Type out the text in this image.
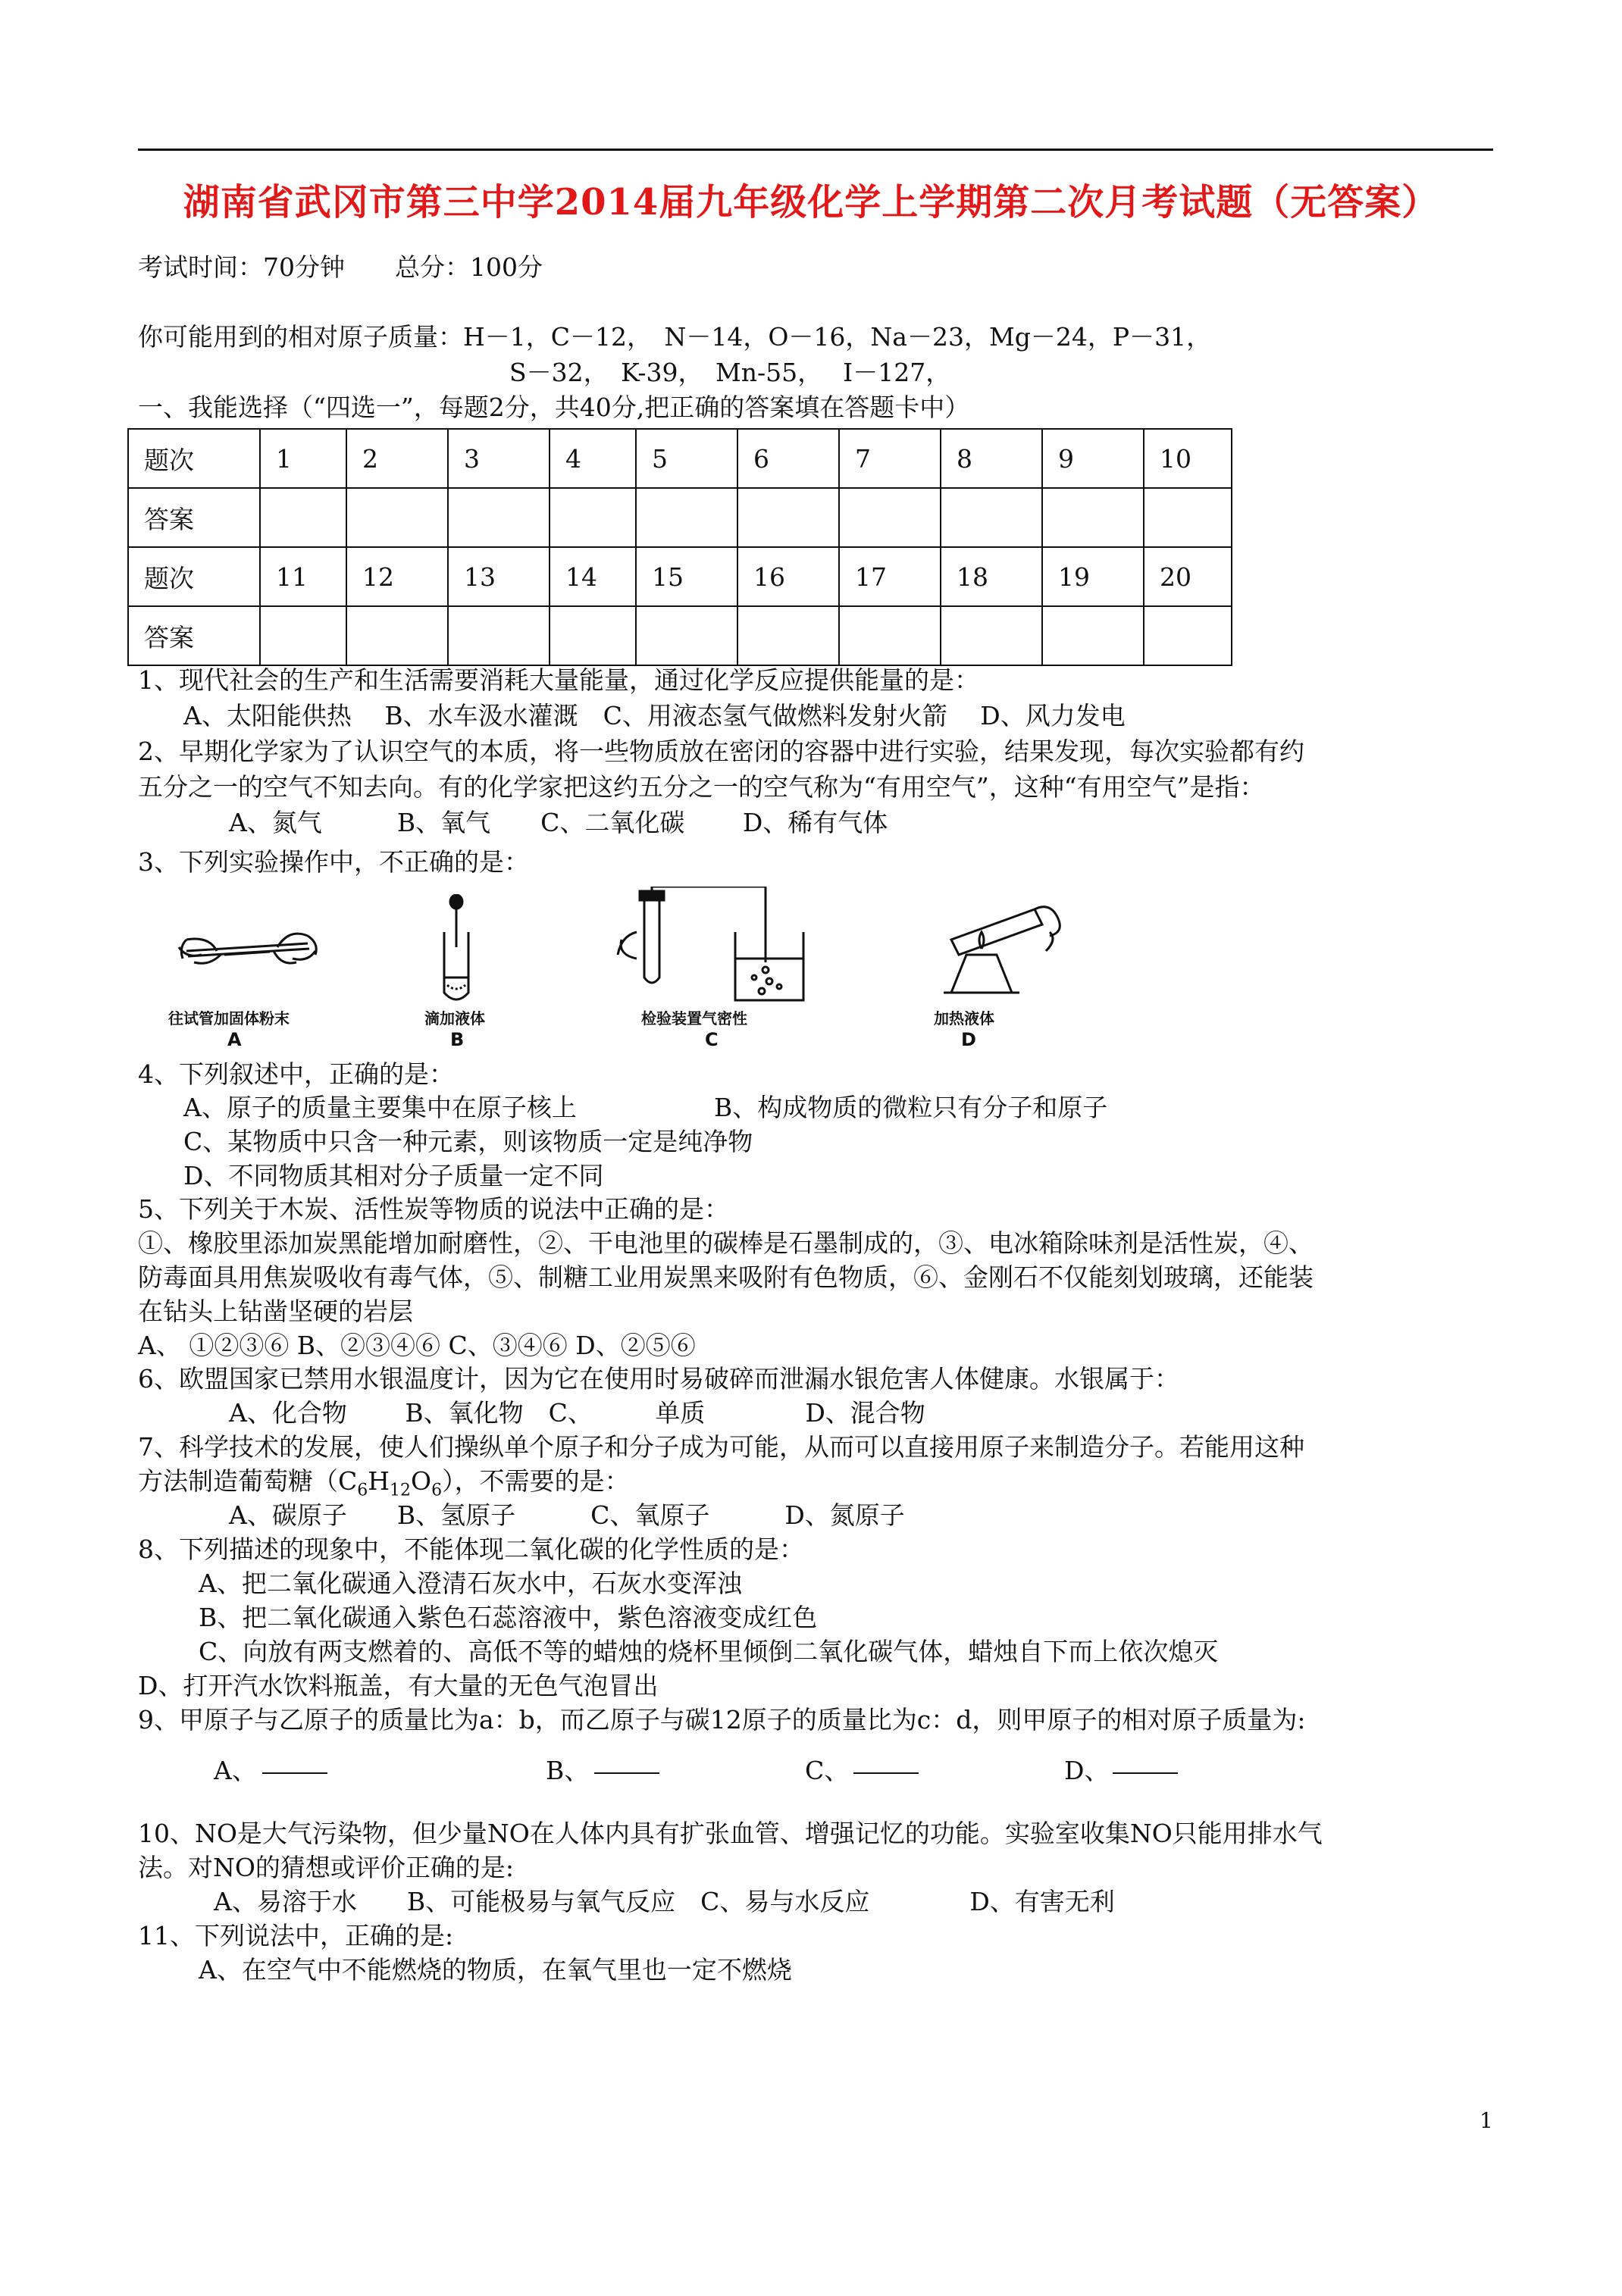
湖南省武冈市第三中学2014届九年级化学上学期第二次月考试题（无答案）
考试时间：70分钟　　总分：100分
你可能用到的相对原子质量：H－1，C－12，　N－14，O－16，Na－23，Mg－24，P－31，
S－32，　K-39，　Mn-55，　 I－127，
一、我能选择（“四选一”，每题2分，共40分,把正确的答案填在答题卡中）
题次	1	2	3	4	5	6	7	8	9	10
答案										
题次	11	12	13	14	15	16	17	18	19	20
答案										
1、现代社会的生产和生活需要消耗大量能量，通过化学反应提供能量的是：
A、太阳能供热　 B、水车汲水灌溉　C、用液态氢气做燃料发射火箭　 D、风力发电
2、早期化学家为了认识空气的本质，将一些物质放在密闭的容器中进行实验，结果发现，每次实验都有约
五分之一的空气不知去向。有的化学家把这约五分之一的空气称为“有用空气”，这种“有用空气”是指：
A、氮气　　　B、氧气　　C、二氧化碳　　 D、稀有气体
3、下列实验操作中，不正确的是：
往试管加固体粉末
A
滴加液体
B
检验装置气密性
C
加热液体
D
4、下列叙述中，正确的是：
A、原子的质量主要集中在原子核上	B、构成物质的微粒只有分子和原子
C、某物质中只含一种元素，则该物质一定是纯净物
D、不同物质其相对分子质量一定不同
5、下列关于木炭、活性炭等物质的说法中正确的是：
①、橡胶里添加炭黑能增加耐磨性，②、干电池里的碳棒是石墨制成的，③、电冰箱除味剂是活性炭，④、
防毒面具用焦炭吸收有毒气体，⑤、制糖工业用炭黑来吸附有色物质，⑥、金刚石不仅能刻划玻璃，还能装
在钻头上钻凿坚硬的岩层
A、 ①②③⑥ B、②③④⑥ C、③④⑥ D、②⑤⑥
6、欧盟国家已禁用水银温度计，因为它在使用时易破碎而泄漏水银危害人体健康。水银属于：
A、化合物　　 B、氧化物　C、　　　单质　　　　D、混合物
7、科学技术的发展，使人们操纵单个原子和分子成为可能，从而可以直接用原子来制造分子。若能用这种
方法制造葡萄糖$(C_6H_{12}O_6)$，不需要的是：
A、碳原子　　B、氢原子　　　C、氧原子　　　D、氮原子
8、下列描述的现象中，不能体现二氧化碳的化学性质的是：
A、把二氧化碳通入澄清石灰水中，石灰水变浑浊
B、把二氧化碳通入紫色石蕊溶液中，紫色溶液变成红色
C、向放有两支燃着的、高低不等的蜡烛的烧杯里倾倒二氧化碳气体，蜡烛自下而上依次熄灭
D、打开汽水饮料瓶盖，有大量的无色气泡冒出
9、甲原子与乙原子的质量比为a：b，而乙原子与碳12原子的质量比为c：d，则甲原子的相对原子质量为:
A、	B、	C、	D、
10、NO是大气污染物，但少量NO在人体内具有扩张血管、增强记忆的功能。实验室收集NO只能用排水气
法。对NO的猜想或评价正确的是:
A、易溶于水　　B、可能极易与氧气反应　C、易与水反应　　　　D、有害无利
11、下列说法中，正确的是:
A、在空气中不能燃烧的物质，在氧气里也一定不燃烧
1
